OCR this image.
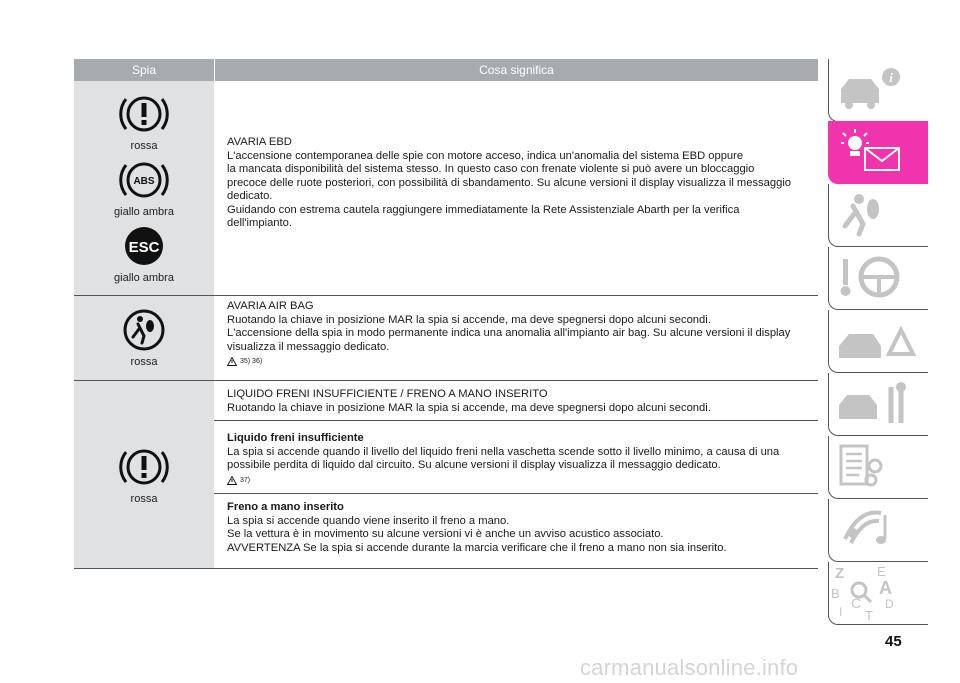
Spia	Cosa significa
rossa
ABS
giallo ambra
ESC
giallo ambra
AVARIA EBD
L'accensione contemporanea delle spie con motore acceso, indica un'anomalia del sistema EBD oppure
la mancata disponibilità del sistema stesso. In questo caso con frenate violente si può avere un bloccaggio
precoce delle ruote posteriori, con possibilità di sbandamento. Su alcune versioni il display visualizza il messaggio
dedicato.
Guidando con estrema cautela raggiungere immediatamente la Rete Assistenziale Abarth per la verifica
dell'impianto.
rossa
AVARIA AIR BAG
Ruotando la chiave in posizione MAR la spia si accende, ma deve spegnersi dopo alcuni secondi.
L'accensione della spia in modo permanente indica una anomalia all'impianto air bag. Su alcune versioni il display
visualizza il messaggio dedicato.
35) 36)
rossa
LIQUIDO FRENI INSUFFICIENTE / FRENO A MANO INSERITO
Ruotando la chiave in posizione MAR la spia si accende, ma deve spegnersi dopo alcuni secondi.
Liquido freni insufficiente
La spia si accende quando il livello del liquido freni nella vaschetta scende sotto il livello minimo, a causa di una
possibile perdita di liquido dal circuito. Su alcune versioni il display visualizza il messaggio dedicato.
37)
Freno a mano inserito
La spia si accende quando viene inserito il freno a mano.
Se la vettura è in movimento su alcune versioni vi è anche un avviso acustico associato.
AVVERTENZA Se la spia si accende durante la marcia verificare che il freno a mano non sia inserito.
i
Z	E
A
B
C
T
D
I
45
carmanualsonline.info
